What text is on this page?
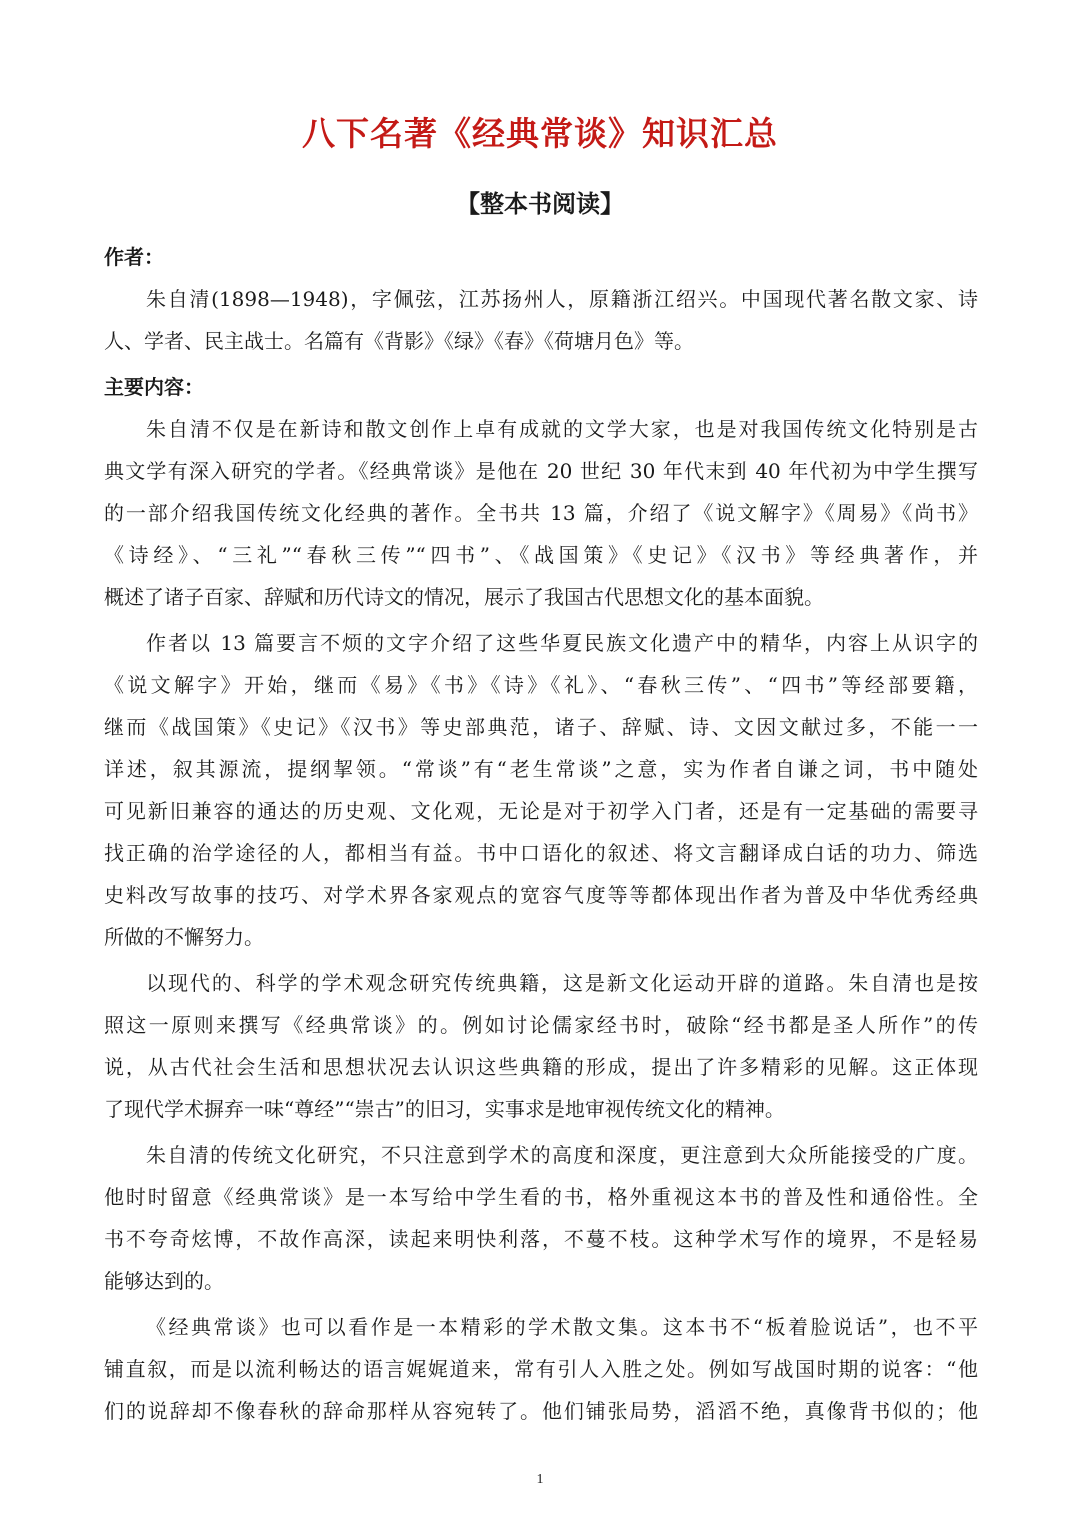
八下名著《经典常谈》知识汇总
【整本书阅读】
作者：
朱自清(1898—1948)，字佩弦，江苏扬州人，原籍浙江绍兴。中国现代著名散文家、诗
人、学者、民主战士。名篇有《背影》《绿》《春》《荷塘月色》等。
主要内容：
朱自清不仅是在新诗和散文创作上卓有成就的文学大家，也是对我国传统文化特别是古
典文学有深入研究的学者。《经典常谈》是他在 20 世纪 30 年代末到 40 年代初为中学生撰写
的一部介绍我国传统文化经典的著作。全书共 13 篇，介绍了《说文解字》《周易》《尚书》
《诗经》、“三礼”“春秋三传”“四书”、《战国策》《史记》《汉书》等经典著作，并
概述了诸子百家、辞赋和历代诗文的情况，展示了我国古代思想文化的基本面貌。
作者以 13 篇要言不烦的文字介绍了这些华夏民族文化遗产中的精华，内容上从识字的
《说文解字》开始，继而《易》《书》《诗》《礼》、“春秋三传”、“四书”等经部要籍，
继而《战国策》《史记》《汉书》等史部典范，诸子、辞赋、诗、文因文献过多，不能一一
详述，叙其源流，提纲挈领。“常谈”有“老生常谈”之意，实为作者自谦之词，书中随处
可见新旧兼容的通达的历史观、文化观，无论是对于初学入门者，还是有一定基础的需要寻
找正确的治学途径的人，都相当有益。书中口语化的叙述、将文言翻译成白话的功力、筛选
史料改写故事的技巧、对学术界各家观点的宽容气度等等都体现出作者为普及中华优秀经典
所做的不懈努力。
以现代的、科学的学术观念研究传统典籍，这是新文化运动开辟的道路。朱自清也是按
照这一原则来撰写《经典常谈》的。例如讨论儒家经书时，破除“经书都是圣人所作”的传
说，从古代社会生活和思想状况去认识这些典籍的形成，提出了许多精彩的见解。这正体现
了现代学术摒弃一味“尊经”“崇古”的旧习，实事求是地审视传统文化的精神。
朱自清的传统文化研究，不只注意到学术的高度和深度，更注意到大众所能接受的广度。
他时时留意《经典常谈》是一本写给中学生看的书，格外重视这本书的普及性和通俗性。全
书不夸奇炫博，不故作高深，读起来明快利落，不蔓不枝。这种学术写作的境界，不是轻易
能够达到的。
《经典常谈》也可以看作是一本精彩的学术散文集。这本书不“板着脸说话”，也不平
铺直叙，而是以流利畅达的语言娓娓道来，常有引人入胜之处。例如写战国时期的说客：“他
们的说辞却不像春秋的辞命那样从容宛转了。他们铺张局势，滔滔不绝，真像背书似的；他
1
